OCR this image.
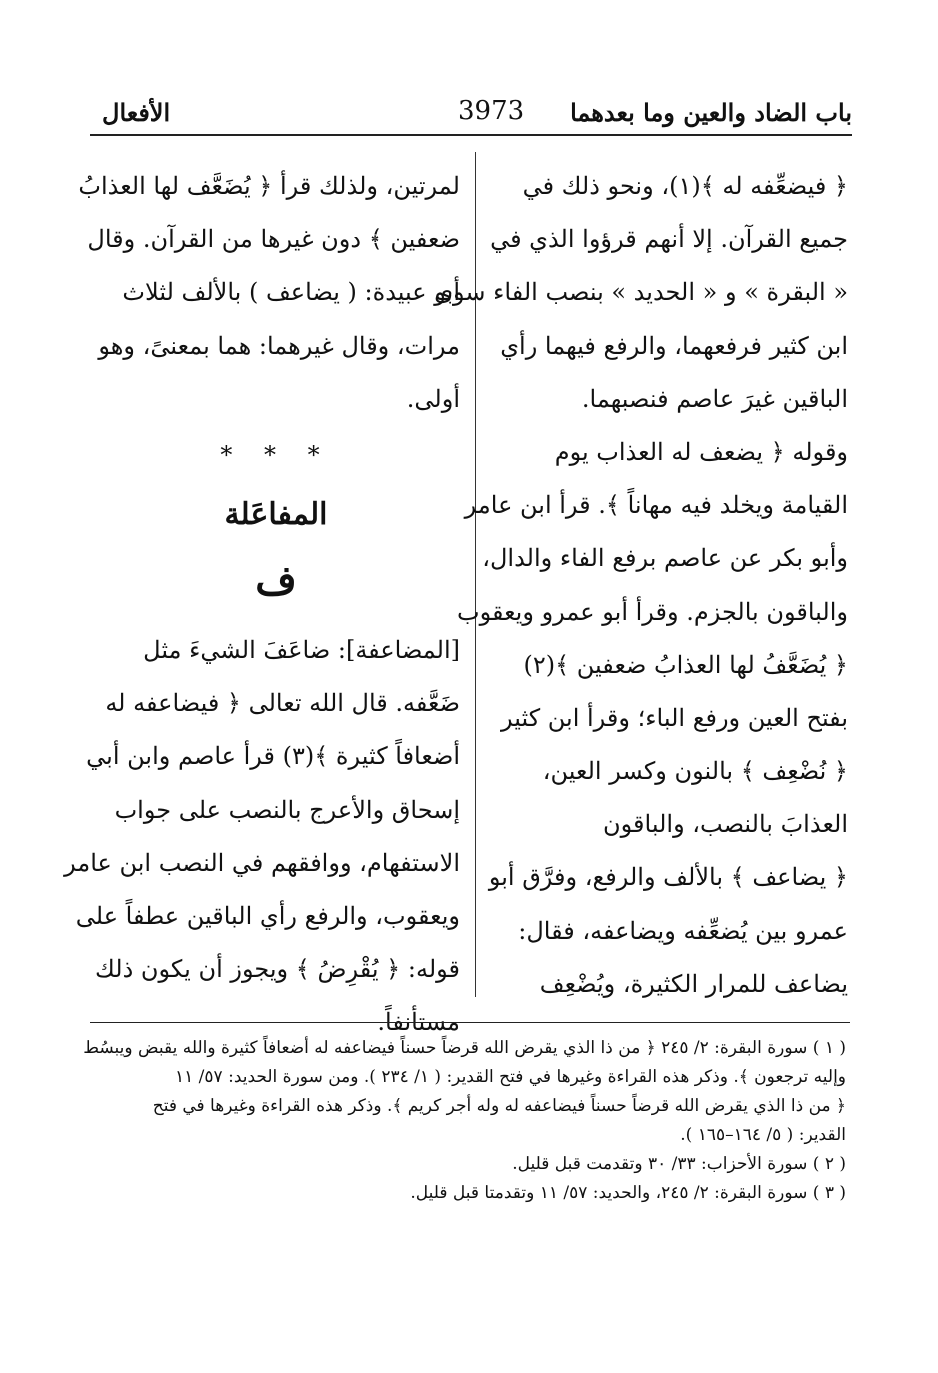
باب الضاد والعين وما بعدهما
3973
الأفعال
﴿ فيضعِّفه له ﴾(١)، ونحو ذلك في
جميع القرآن. إلا أنهم قرؤوا الذي في
« البقرة » و « الحديد » بنصب الفاء سوى
ابن كثير فرفعهما، والرفع فيهما رأي
الباقين غيرَ عاصم فنصبهما.
وقوله ﴿ يضعف له العذاب يوم
القيامة ويخلد فيه مهاناً ﴾. قرأ ابن عامر
وأبو بكر عن عاصم برفع الفاء والدال،
والباقون بالجزم. وقرأ أبو عمرو ويعقوب
﴿ يُضَعَّفُ لها العذابُ ضعفين ﴾(٢)
بفتح العين ورفع الباء؛ وقرأ ابن كثير
﴿ نُضْعِف ﴾ بالنون وكسر العين،
العذابَ بالنصب، والباقون
﴿ يضاعف ﴾ بالألف والرفع، وفرَّق أبو
عمرو بين يُضعِّفه ويضاعفه، فقال:
يضاعف للمرار الكثيرة، ويُضْعِف
لمرتين، ولذلك قرأ ﴿ يُضَعَّف لها العذابُ
ضعفين ﴾ دون غيرها من القرآن. وقال
أبو عبيدة: ( يضاعف ) بالألف لثلاث
مرات، وقال غيرهما: هما بمعنىً، وهو
أولى.
* * *
المفاعَلة
ف
[المضاعفة]: ضاعَفَ الشيءَ مثل
ضَعَّفه. قال الله تعالى ﴿ فيضاعفه له
أضعافاً كثيرة ﴾(٣) قرأ عاصم وابن أبي
إسحاق والأعرج بالنصب على جواب
الاستفهام، ووافقهم في النصب ابن عامر
ويعقوب، والرفع رأي الباقين عطفاً على
قوله: ﴿ يُقْرِضُ ﴾ ويجوز أن يكون ذلك
مستأنفاً.
( ١ ) سورة البقرة: ٢/ ٢٤٥ ﴿ من ذا الذي يقرض الله قرضاً حسناً فيضاعفه له أضعافاً كثيرة والله يقبض ويبسُط
وإليه ترجعون ﴾. وذكر هذه القراءة وغيرها في فتح القدير: ( ١/ ٢٣٤ ). ومن سورة الحديد: ٥٧/ ١١
﴿ من ذا الذي يقرض الله قرضاً حسناً فيضاعفه له وله أجر كريم ﴾. وذكر هذه القراءة وغيرها في فتح
القدير: ( ٥/ ١٦٤–١٦٥ ).
( ٢ ) سورة الأحزاب: ٣٣/ ٣٠ وتقدمت قبل قليل.
( ٣ ) سورة البقرة: ٢/ ٢٤٥، والحديد: ٥٧/ ١١ وتقدمتا قبل قليل.
